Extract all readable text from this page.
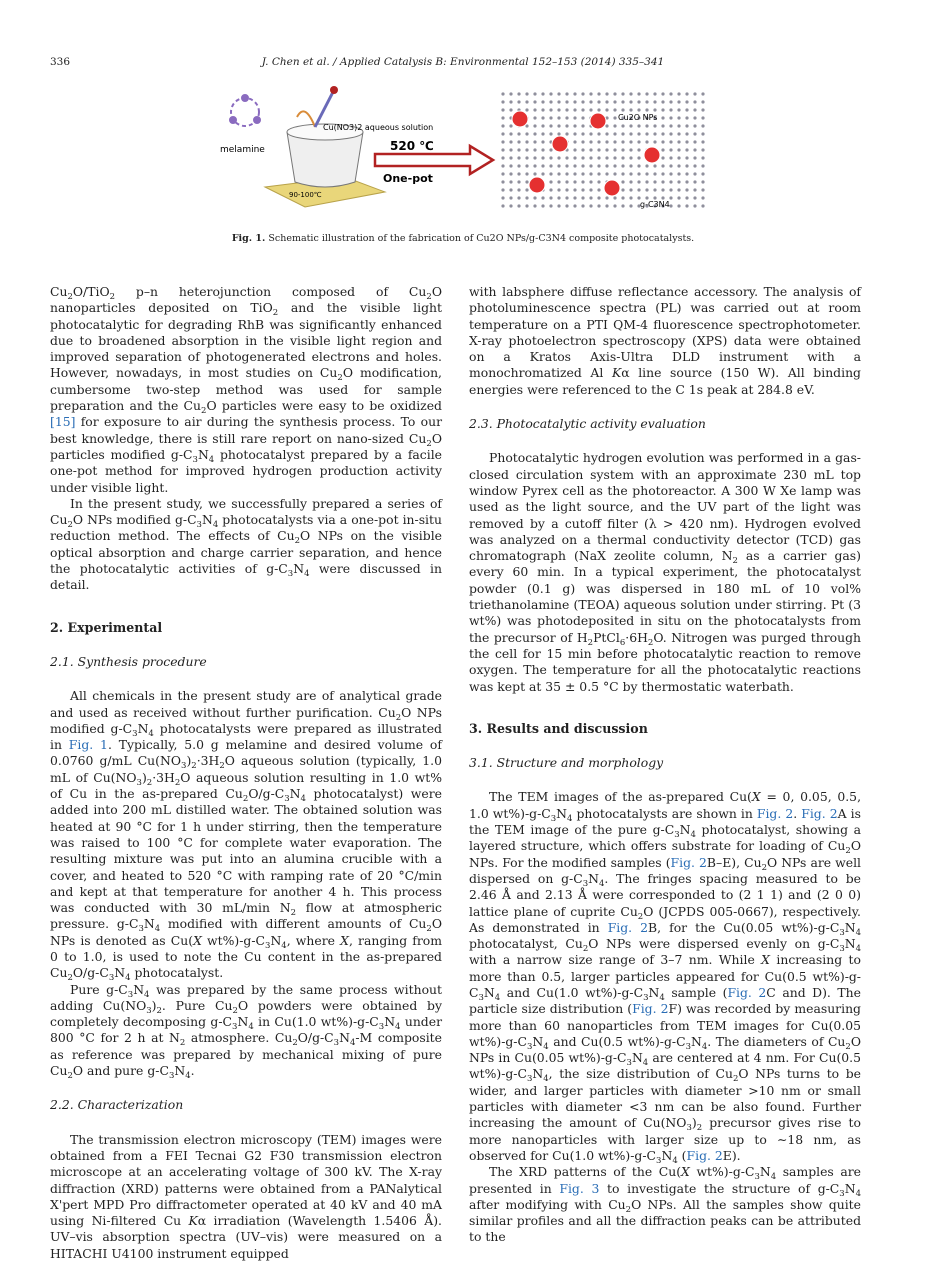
336	J. Chen et al. / Applied Catalysis B: Environmental 152–153 (2014) 335–341
melamine
90-100℃
Cu(NO3)2 aqueous solution
520 ℃
One-pot
Cu2O NPs
g-C3N4
Fig. 1. Schematic illustration of the fabrication of Cu2O NPs/g-C3N4 composite photocatalysts.

$Cu_2O/TiO_2$ p–n heterojunction composed of $Cu_2O$ nanoparticles deposited on TiO$_2$ and the visible light photocatalytic for degrading RhB was significantly enhanced due to broadened absorption in the visible light region and improved separation of photogenerated electrons and holes. However, nowadays, in most studies on $Cu_2O$ modification, cumbersome two-step method was used for sample preparation and the $Cu_2O$ particles were easy to be oxidized [15] for exposure to air during the synthesis process. To our best knowledge, there is still rare report on nano-sized $Cu_2O$ particles modified $g-C_3N_4$ photocatalyst prepared by a facile one-pot method for improved hydrogen production activity under visible light.

In the present study, we successfully prepared a series of $Cu_2O$ NPs modified $g-C_3N_4$ photocatalysts via a one-pot in-situ reduction method. The effects of $Cu_2O$ NPs on the visible optical absorption and charge carrier separation, and hence the photocatalytic activities of $g-C_3N_4$ were discussed in detail.

2. Experimental
2.1. Synthesis procedure

All chemicals in the present study are of analytical grade and used as received without further purification. $Cu_2O$ NPs modified $g-C_3N_4$ photocatalysts were prepared as illustrated in Fig. 1. Typically, 5.0 g melamine and desired volume of 0.0760 g/mL $Cu(NO_3)_2\cdot 3H_2O$ aqueous solution (typically, 1.0 mL of $Cu(NO_3)_2\cdot 3H_2O$ aqueous solution resulting in 1.0 wt% of Cu in the as-prepared $Cu_2O/g-C_3N_4$ photocatalyst) were added into 200 mL distilled water. The obtained solution was heated at 90 °C for 1 h under stirring, then the temperature was raised to 100 °C for complete water evaporation. The resulting mixture was put into an alumina crucible with a cover, and heated to 520 °C with ramping rate of 20 °C/min and kept at that temperature for another 4 h. This process was conducted with 30 mL/min $N_2$ flow at atmospheric pressure. $g-C_3N_4$ modified with different amounts of $Cu_2O$ NPs is denoted as Cu(X $wt\%)-g-C_3N_4$, where X, ranging from 0 to 1.0, is used to note the Cu content in the as-prepared $Cu_2O/g-C_3N_4$ photocatalyst.

Pure $g-C_3N_4$ was prepared by the same process without adding $Cu(NO_3)_2$. Pure $Cu_2O$ powders were obtained by completely decomposing $g-C_3N_4$ in Cu(1.0 $wt\%)-g-C_3N_4$ under 800 °C for 2 h at $N_2$ atmosphere. $Cu_2O/g-C_3N_4-M$ composite as reference was prepared by mechanical mixing of pure $Cu_2O$ and pure $g-C_3N_4$.

2.2. Characterization

The transmission electron microscopy (TEM) images were obtained from a FEI Tecnai G2 F30 transmission electron microscope at an accelerating voltage of 300 kV. The X-ray diffraction (XRD) patterns were obtained from a PANalytical X'pert MPD Pro diffractometer operated at 40 kV and 40 mA using Ni-filtered Cu Kα irradiation (Wavelength 1.5406 Å). UV–vis absorption spectra (UV–vis) were measured on a HITACHI U4100 instrument equipped

with labsphere diffuse reflectance accessory. The analysis of photoluminescence spectra (PL) was carried out at room temperature on a PTI QM-4 fluorescence spectrophotometer. X-ray photoelectron spectroscopy (XPS) data were obtained on a Kratos Axis-Ultra DLD instrument with a monochromatized Al Kα line source (150 W). All binding energies were referenced to the C 1s peak at 284.8 eV.

2.3. Photocatalytic activity evaluation

Photocatalytic hydrogen evolution was performed in a gas-closed circulation system with an approximate 230 mL top window Pyrex cell as the photoreactor. A 300 W Xe lamp was used as the light source, and the UV part of the light was removed by a cutoff filter (λ > 420 nm). Hydrogen evolved was analyzed on a thermal conductivity detector (TCD) gas chromatograph (NaX zeolite column, $N_2$ as a carrier gas) every 60 min. In a typical experiment, the photocatalyst powder (0.1 g) was dispersed in 180 mL of 10 vol% triethanolamine (TEOA) aqueous solution under stirring. Pt (3 wt%) was photodeposited in situ on the photocatalysts from the precursor of $H_2PtCl_6\cdot 6H_2O$. Nitrogen was purged through the cell for 15 min before photocatalytic reaction to remove oxygen. The temperature for all the photocatalytic reactions was kept at 35 ± 0.5 °C by thermostatic waterbath.

3. Results and discussion
3.1. Structure and morphology

The TEM images of the as-prepared Cu(X = 0, 0.05, 0.5, 1.0 $wt\%)-g-C_3N_4$ photocatalysts are shown in Fig. 2. Fig. 2A is the TEM image of the pure $g-C_3N_4$ photocatalyst, showing a layered structure, which offers substrate for loading of $Cu_2O$ NPs. For the modified samples (Fig. 2B–E), $Cu_2O$ NPs are well dispersed on $g-C_3N_4$. The fringes spacing measured to be 2.46 Å and 2.13 Å were corresponded to (2 1 1) and (2 0 0) lattice plane of cuprite $Cu_2O$ (JCPDS 005-0667), respectively. As demonstrated in Fig. 2B, for the Cu(0.05 $wt\%)-g-C_3N_4$ photocatalyst, $Cu_2O$ NPs were dispersed evenly on $g-C_3N_4$ with a narrow size range of 3–7 nm. While X increasing to more than 0.5, larger particles appeared for Cu(0.5 $wt\%)-g-C_3N_4$ and Cu(1.0 $wt\%)-g-C_3N_4$ sample (Fig. 2C and D). The particle size distribution (Fig. 2F) was recorded by measuring more than 60 nanoparticles from TEM images for Cu(0.05 $wt\%)-g-C_3N_4$ and Cu(0.5 $wt\%)-g-C_3N_4$. The diameters of $Cu_2O$ NPs in Cu(0.05 $wt\%)-g-C_3N_4$ are centered at 4 nm. For Cu(0.5 $wt\%)-g-C_3N_4$, the size distribution of $Cu_2O$ NPs turns to be wider, and larger particles with diameter >10 nm or small particles with diameter <3 nm can be also found. Further increasing the amount of $Cu(NO_3)_2$ precursor gives rise to more nanoparticles with larger size up to ∼18 nm, as observed for Cu(1.0 $wt\%)-g-C_3N_4$ (Fig. 2E).

The XRD patterns of the Cu(X $wt\%)-g-C_3N_4$ samples are presented in Fig. 3 to investigate the structure of $g-C_3N_4$ after modifying with $Cu_2O$ NPs. All the samples show quite similar profiles and all the diffraction peaks can be attributed to the
